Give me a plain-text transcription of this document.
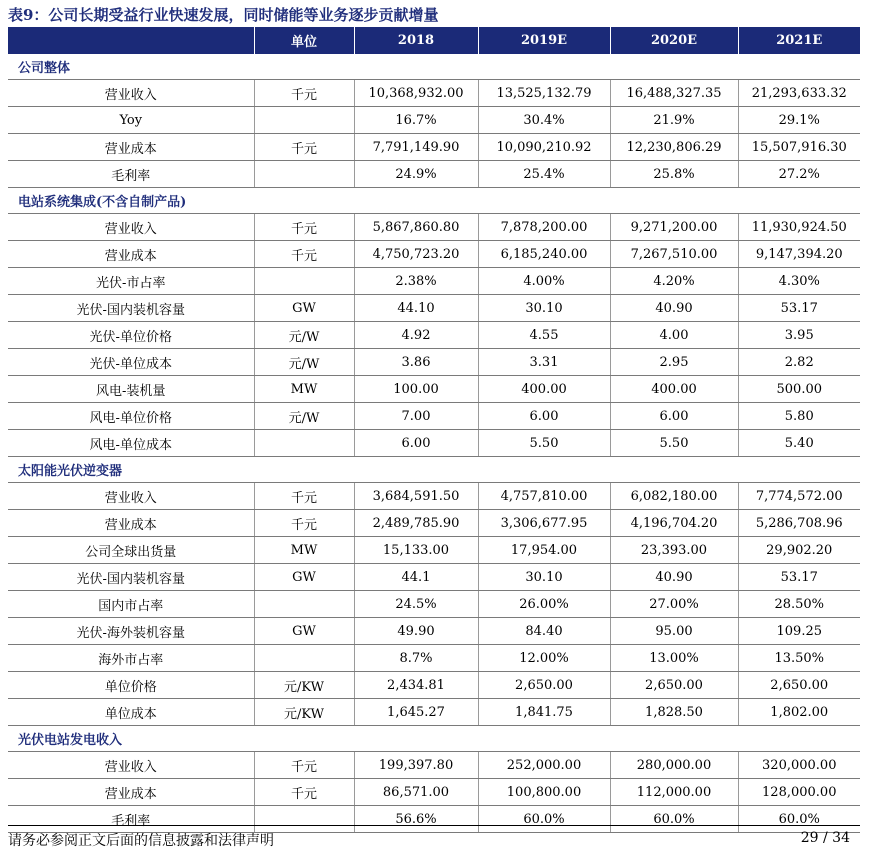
表9：公司长期受益行业快速发展，同时储能等业务逐步贡献增量
	单位	2018	2019E	2020E	2021E
公司整体					
营业收入	千元	10,368,932.00	13,525,132.79	16,488,327.35	21,293,633.32
Yoy		16.7%	30.4%	21.9%	29.1%
营业成本	千元	7,791,149.90	10,090,210.92	12,230,806.29	15,507,916.30
毛利率		24.9%	25.4%	25.8%	27.2%
电站系统集成(不含自制产品)					
营业收入	千元	5,867,860.80	7,878,200.00	9,271,200.00	11,930,924.50
营业成本	千元	4,750,723.20	6,185,240.00	7,267,510.00	9,147,394.20
光伏-市占率		2.38%	4.00%	4.20%	4.30%
光伏-国内装机容量	GW	44.10	30.10	40.90	53.17
光伏-单位价格	元/W	4.92	4.55	4.00	3.95
光伏-单位成本	元/W	3.86	3.31	2.95	2.82
风电-装机量	MW	100.00	400.00	400.00	500.00
风电-单位价格	元/W	7.00	6.00	6.00	5.80
风电-单位成本		6.00	5.50	5.50	5.40
太阳能光伏逆变器					
营业收入	千元	3,684,591.50	4,757,810.00	6,082,180.00	7,774,572.00
营业成本	千元	2,489,785.90	3,306,677.95	4,196,704.20	5,286,708.96
公司全球出货量	MW	15,133.00	17,954.00	23,393.00	29,902.20
光伏-国内装机容量	GW	44.1	30.10	40.90	53.17
国内市占率		24.5%	26.00%	27.00%	28.50%
光伏-海外装机容量	GW	49.90	84.40	95.00	109.25
海外市占率		8.7%	12.00%	13.00%	13.50%
单位价格	元/KW	2,434.81	2,650.00	2,650.00	2,650.00
单位成本	元/KW	1,645.27	1,841.75	1,828.50	1,802.00
光伏电站发电收入					
营业收入	千元	199,397.80	252,000.00	280,000.00	320,000.00
营业成本	千元	86,571.00	100,800.00	112,000.00	128,000.00
毛利率		56.6%	60.0%	60.0%	60.0%
请务必参阅正文后面的信息披露和法律声明	29 / 34
